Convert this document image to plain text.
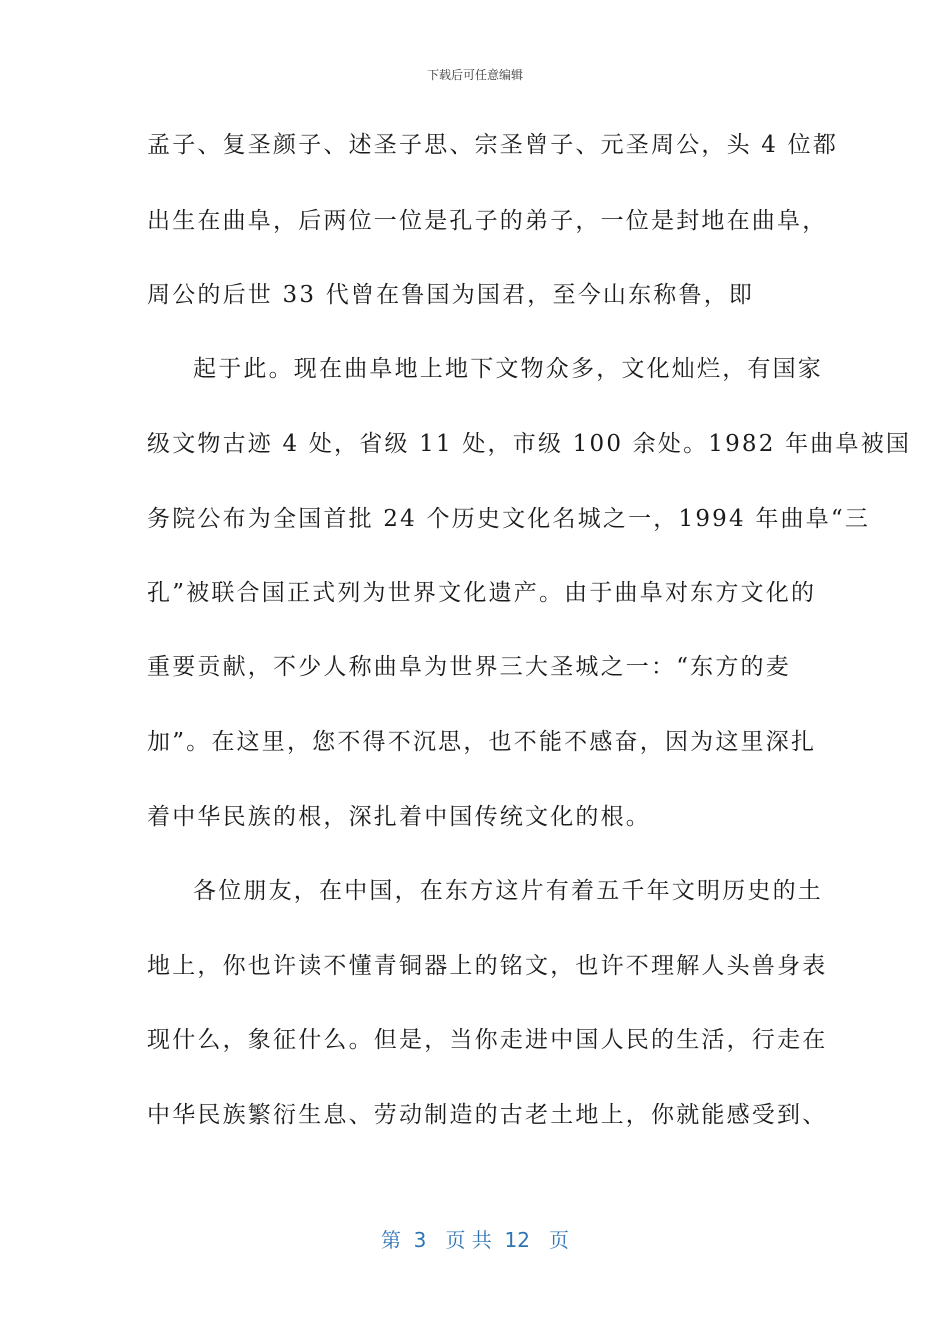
下载后可任意编辑
孟子、复圣颜子、述圣子思、宗圣曾子、元圣周公，头 4 位都
出生在曲阜，后两位一位是孔子的弟子，一位是封地在曲阜，
周公的后世 33 代曾在鲁国为国君，至今山东称鲁，即
起于此。现在曲阜地上地下文物众多，文化灿烂，有国家
级文物古迹 4 处，省级 11 处，市级 100 余处。1982 年曲阜被国
务院公布为全国首批 24 个历史文化名城之一，1994 年曲阜“三
孔”被联合国正式列为世界文化遗产。由于曲阜对东方文化的
重要贡献，不少人称曲阜为世界三大圣城之一：“东方的麦
加”。在这里，您不得不沉思，也不能不感奋，因为这里深扎
着中华民族的根，深扎着中国传统文化的根。
各位朋友，在中国，在东方这片有着五千年文明历史的土
地上，你也许读不懂青铜器上的铭文，也许不理解人头兽身表
现什么，象征什么。但是，当你走进中国人民的生活，行走在
中华民族繁衍生息、劳动制造的古老土地上，你就能感受到、
第  3   页 共  12   页
